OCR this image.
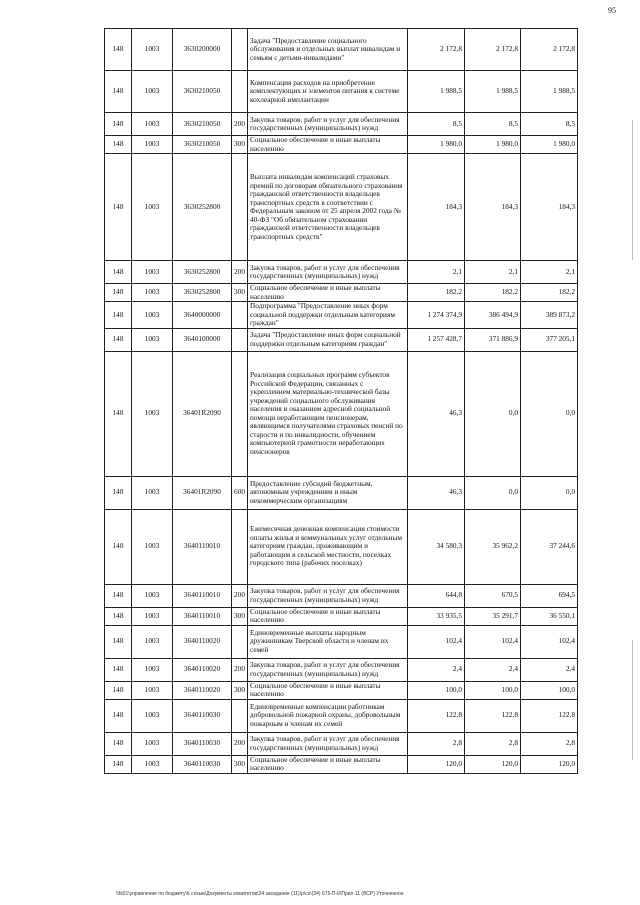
95
148	1003	3630200000		Задача "Предоставление социального обслуживания и отдельных выплат инвалидам и семьям с детьми-инвалидами"	2 172,8	2 172,8	2 172,8
148	1003	3630210050		Компенсация расходов на приобретение комплектующих и элементов питания к системе кохлеарной имплантации	1 988,5	1 988,5	1 988,5
148	1003	3630210050	200	Закупка товаров, работ и услуг для обеспечения государственных (муниципальных) нужд	8,5	8,5	8,5
148	1003	3630210050	300	Социальное обеспечение и иные выплаты населению	1 980,0	1 980,0	1 980,0
148	1003	3630252800		Выплата инвалидам компенсаций страховых премий по договорам обязательного страхования гражданской ответственности владельцев транспортных средств в соответствии с Федеральным законом от 25 апреля 2002 года № 40-ФЗ "Об обязательном страховании гражданской ответственности владельцев транспортных средств"	184,3	184,3	184,3
148	1003	3630252800	200	Закупка товаров, работ и услуг для обеспечения государственных (муниципальных) нужд	2,1	2,1	2,1
148	1003	3630252800	300	Социальное обеспечение и иные выплаты населению	182,2	182,2	182,2
148	1003	3640000000		Подпрограмма "Предоставление иных форм социальной поддержки отдельным категориям граждан"	1 274 374,9	386 494,9	389 873,2
148	1003	3640100000		Задача "Предоставление иных форм социальной поддержки отдельным категориям граждан"	1 257 428,7	371 886,9	377 205,1
148	1003	36401R2090		Реализация социальных программ субъектов Российской Федерации, связанных с укреплением материально-технической базы учреждений социального обслуживания населения и оказанием адресной социальной помощи неработающим пенсионерам, являющимся получателями страховых пенсий по старости и по инвалидности, обучением компьютерной грамотности неработающих пенсионеров	46,3	0,0	0,0
148	1003	36401R2090	600	Предоставление субсидий бюджетным, автономным учреждениям и иным некоммерческим организациям	46,3	0,0	0,0
148	1003	3640110010		Ежемесячная денежная компенсация стоимости оплаты жилья и коммунальных услуг отдельным категориям граждан, проживающим и работающим в сельской местности, поселках городского типа (рабочих поселках)	34 580,3	35 962,2	37 244,6
148	1003	3640110010	200	Закупка товаров, работ и услуг для обеспечения государственных (муниципальных) нужд	644,8	670,5	694,5
148	1003	3640110010	300	Социальное обеспечение и иные выплаты населению	33 935,5	35 291,7	36 550,1
148	1003	3640110020		Единовременные выплаты народным дружинникам Тверской области и членам их семей	102,4	102,4	102,4
148	1003	3640110020	200	Закупка товаров, работ и услуг для обеспечения государственных (муниципальных) нужд	2,4	2,4	2,4
148	1003	3640110020	300	Социальное обеспечение и иные выплаты населению	100,0	100,0	100,0
148	1003	3640110030		Единовременные компенсации работникам добровольной пожарной охраны, добровольным пожарным и членам их семей	122,8	122,8	122,8
148	1003	3640110030	200	Закупка товаров, работ и услуг для обеспечения государственных (муниципальных) нужд	2,8	2,8	2,8
148	1003	3640110030	300	Социальное обеспечение и иные выплаты населению	120,0	120,0	120,0
\\fs01\управление по бюджету\6 созыв\Документы комитетов\34 заседание (11)\р\сх\(34) 675-П-6\Прил 11 (ВСР) Уточненное
